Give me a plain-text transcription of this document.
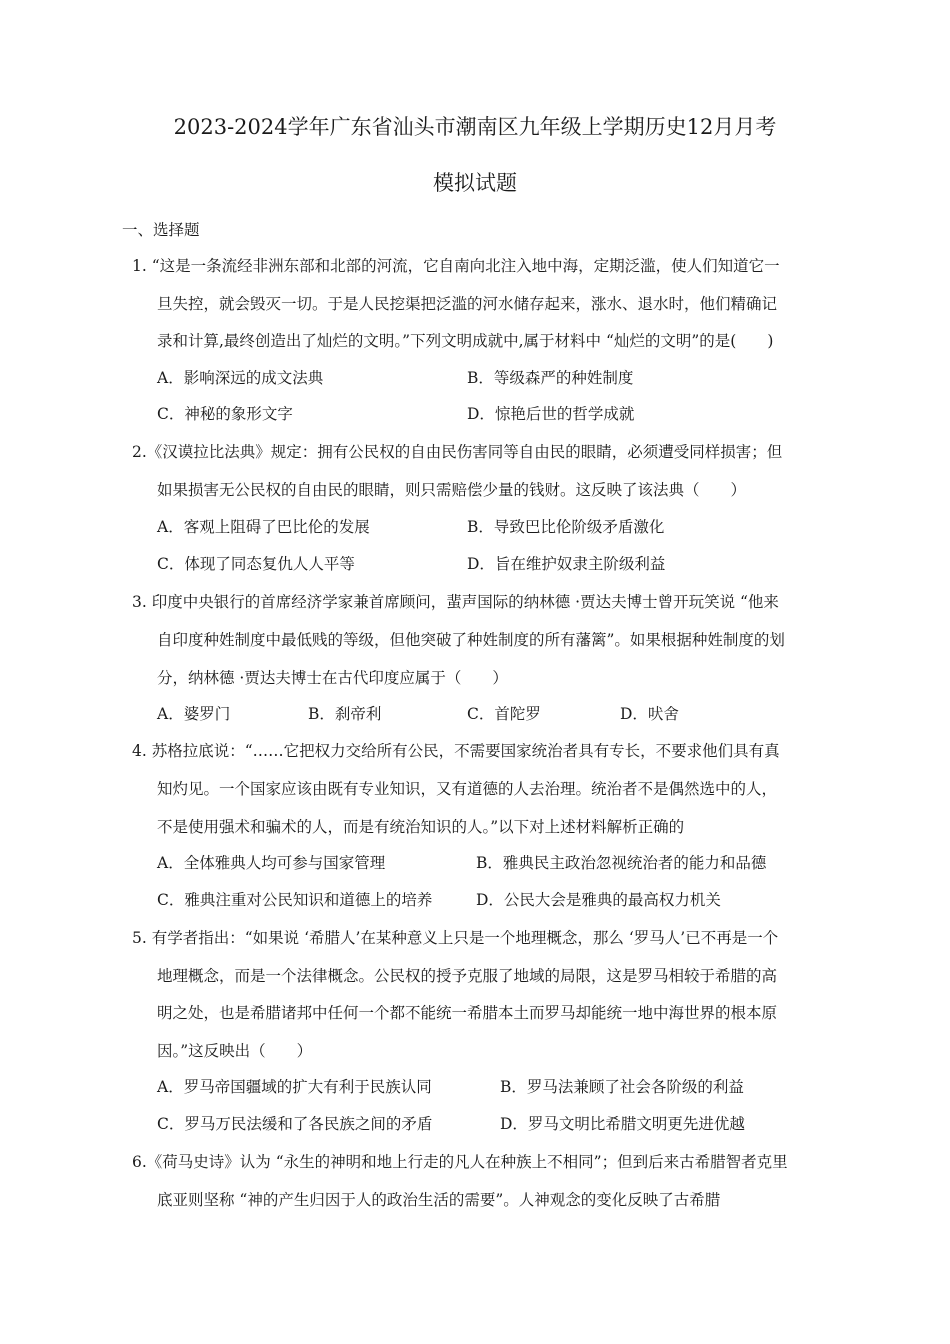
2023-2024学年广东省汕头市潮南区九年级上学期历史12月月考
模拟试题
一、选择题
1. “这是一条流经非洲东部和北部的河流，它自南向北注入地中海，定期泛滥，使人们知道它一
旦失控，就会毁灭一切。于是人民挖渠把泛滥的河水储存起来，涨水、退水时，他们精确记
录和计算,最终创造出了灿烂的文明。”下列文明成就中,属于材料中 “灿烂的文明”的是(　　)
A．影响深远的成文法典	B．等级森严的种姓制度
C．神秘的象形文字	D．惊艳后世的哲学成就
2.《汉谟拉比法典》规定：拥有公民权的自由民伤害同等自由民的眼睛，必须遭受同样损害；但
如果损害无公民权的自由民的眼睛，则只需赔偿少量的钱财。这反映了该法典（　　）
A．客观上阻碍了巴比伦的发展	B．导致巴比伦阶级矛盾激化
C．体现了同态复仇人人平等	D．旨在维护奴隶主阶级利益
3. 印度中央银行的首席经济学家兼首席顾问，蜚声国际的纳林德 ·贾达夫博士曾开玩笑说 “他来
自印度种姓制度中最低贱的等级，但他突破了种姓制度的所有藩篱”。如果根据种姓制度的划
分，纳林德 ·贾达夫博士在古代印度应属于（　　）
A．婆罗门	B．刹帝利	C．首陀罗	D．吠舍
4. 苏格拉底说：“……它把权力交给所有公民，不需要国家统治者具有专长，不要求他们具有真
知灼见。一个国家应该由既有专业知识，又有道德的人去治理。统治者不是偶然选中的人，
不是使用强术和骗术的人，而是有统治知识的人。”以下对上述材料解析正确的
A．全体雅典人均可参与国家管理	B．雅典民主政治忽视统治者的能力和品德
C．雅典注重对公民知识和道德上的培养	D．公民大会是雅典的最高权力机关
5. 有学者指出：“如果说 ‘希腊人’在某种意义上只是一个地理概念，那么 ‘罗马人’已不再是一个
地理概念，而是一个法律概念。公民权的授予克服了地域的局限，这是罗马相较于希腊的高
明之处，也是希腊诸邦中任何一个都不能统一希腊本土而罗马却能统一地中海世界的根本原
因。”这反映出（　　）
A．罗马帝国疆域的扩大有利于民族认同	B．罗马法兼顾了社会各阶级的利益
C．罗马万民法缓和了各民族之间的矛盾	D．罗马文明比希腊文明更先进优越
6.《荷马史诗》认为 “永生的神明和地上行走的凡人在种族上不相同”；但到后来古希腊智者克里
底亚则坚称 “神的产生归因于人的政治生活的需要”。人神观念的变化反映了古希腊
